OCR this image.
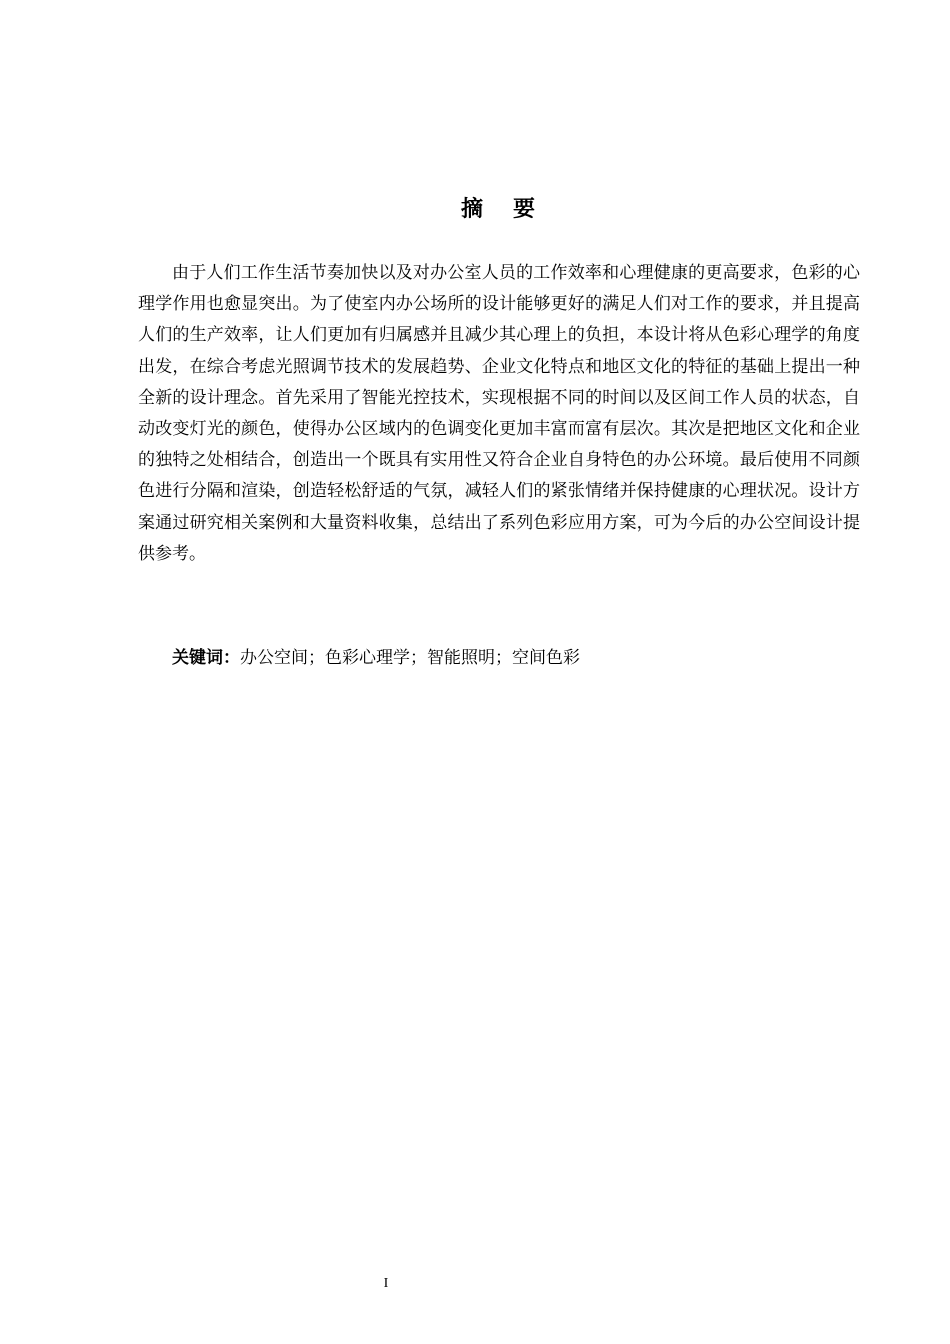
摘 要

由于人们工作生活节奏加快以及对办公室人员的工作效率和心理健康的更高要求，色彩的心理学作用也愈显突出。为了使室内办公场所的设计能够更好的满足人们对工作的要求，并且提高人们的生产效率，让人们更加有归属感并且减少其心理上的负担，本设计将从色彩心理学的角度出发，在综合考虑光照调节技术的发展趋势、企业文化特点和地区文化的特征的基础上提出一种全新的设计理念。首先采用了智能光控技术，实现根据不同的时间以及区间工作人员的状态，自动改变灯光的颜色，使得办公区域内的色调变化更加丰富而富有层次。其次是把地区文化和企业的独特之处相结合，创造出一个既具有实用性又符合企业自身特色的办公环境。最后使用不同颜色进行分隔和渲染，创造轻松舒适的气氛，减轻人们的紧张情绪并保持健康的心理状况。设计方案通过研究相关案例和大量资料收集，总结出了系列色彩应用方案，可为今后的办公空间设计提供参考。

关键词：办公空间；色彩心理学；智能照明；空间色彩

I
